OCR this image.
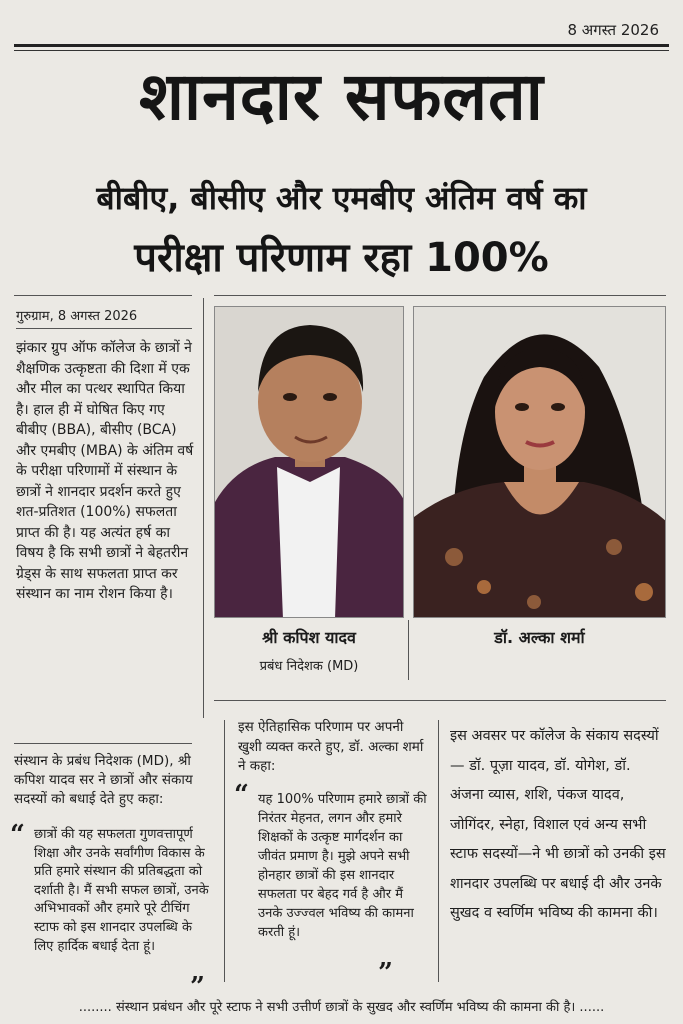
8 अगस्त 2026
शानदार सफलता
बीबीए, बीसीए और एमबीए अंतिम वर्ष का
परीक्षा परिणाम रहा 100%
गुरुग्राम, 8 अगस्त 2026
झंकार ग्रुप ऑफ कॉलेज के छात्रों ने शैक्षणिक उत्कृष्टता की दिशा में एक और मील का पत्थर स्थापित किया है। हाल ही में घोषित किए गए बीबीए (BBA), बीसीए (BCA) और एमबीए (MBA) के अंतिम वर्ष के परीक्षा परिणामों में संस्थान के छात्रों ने शानदार प्रदर्शन करते हुए शत-प्रतिशत (100%) सफलता प्राप्त की है। यह अत्यंत हर्ष का विषय है कि सभी छात्रों ने बेहतरीन ग्रेड्स के साथ सफलता प्राप्त कर संस्थान का नाम रोशन किया है।
संस्थान के प्रबंध निदेशक (MD), श्री कपिश यादव सर ने छात्रों और संकाय सदस्यों को बधाई देते हुए कहा:
“ छात्रों की यह सफलता गुणवत्तापूर्ण शिक्षा और उनके सर्वांगीण विकास के प्रति हमारे संस्थान की प्रतिबद्धता को दर्शाती है। मैं सभी सफल छात्रों, उनके अभिभावकों और हमारे पूरे टीचिंग स्टाफ को इस शानदार उपलब्धि के लिए हार्दिक बधाई देता हूं।
”
श्री कपिश यादव
प्रबंध निदेशक (MD)
डॉ. अल्का शर्मा
इस ऐतिहासिक परिणाम पर अपनी खुशी व्यक्त करते हुए, डॉ. अल्का शर्मा ने कहा:
“ यह 100% परिणाम हमारे छात्रों की निरंतर मेहनत, लगन और हमारे शिक्षकों के उत्कृष्ट मार्गदर्शन का जीवंत प्रमाण है। मुझे अपने सभी होनहार छात्रों की इस शानदार सफलता पर बेहद गर्व है और मैं उनके उज्ज्वल भविष्य की कामना करती हूं।
”
इस अवसर पर कॉलेज के संकाय सदस्यों— डॉ. पूज़ा यादव, डॉ. योगेश, डॉ. अंजना व्यास, शशि, पंकज यादव, जोगिंदर, स्नेहा, विशाल एवं अन्य सभी स्टाफ सदस्यों—ने भी छात्रों को उनकी इस शानदार उपलब्धि पर बधाई दी और उनके सुखद व स्वर्णिम भविष्य की कामना की।
........ संस्थान प्रबंधन और पूरे स्टाफ ने सभी उत्तीर्ण छात्रों के सुखद और स्वर्णिम भविष्य की कामना की है। ......
